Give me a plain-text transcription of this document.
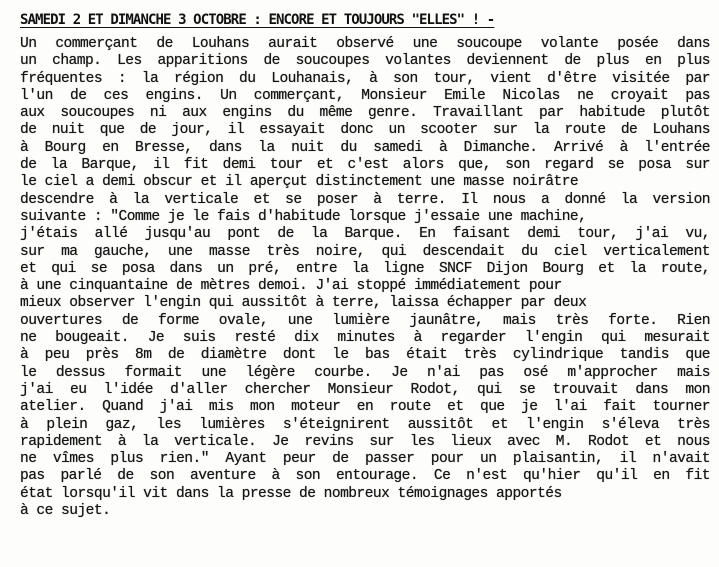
SAMEDI 2 ET DIMANCHE 3 OCTOBRE : ENCORE ET TOUJOURS "ELLES" ! -
Un commerçant de Louhans aurait observé une soucoupe volante posée dans
un champ. Les apparitions de soucoupes volantes deviennent de plus en plus
fréquentes : la région du Louhanais, à son tour, vient d'être visitée par
l'un de ces engins. Un commerçant, Monsieur Emile Nicolas ne croyait pas
aux soucoupes ni aux engins du même genre. Travaillant par habitude plutôt
de nuit que de jour, il essayait donc un scooter sur la route de Louhans
à Bourg en Bresse, dans la nuit du samedi à Dimanche. Arrivé à l'entrée
de la Barque, il fit demi tour et c'est alors que, son regard se posa sur
le ciel a demi obscur et il aperçut distinctement une masse noirâtre
descendre à la verticale et se poser à terre. Il nous a donné la version
suivante : "Comme je le fais d'habitude lorsque j'essaie une machine,
j'étais allé jusqu'au pont de la Barque. En faisant demi tour, j'ai vu,
sur ma gauche, une masse très noire, qui descendait du ciel verticalement
et qui se posa dans un pré, entre la ligne SNCF Dijon Bourg et la route,
à une cinquantaine de mètres demoi. J'ai stoppé immédiatement pour
mieux observer l'engin qui aussitôt à terre, laissa échapper par deux
ouvertures de forme ovale, une lumière jaunâtre, mais très forte. Rien
ne bougeait. Je suis resté dix minutes à regarder l'engin qui mesurait
à peu près 8m de diamètre dont le bas était très cylindrique tandis que
le dessus formait une légère courbe. Je n'ai pas osé m'approcher mais
j'ai eu l'idée d'aller chercher Monsieur Rodot, qui se trouvait dans mon
atelier. Quand j'ai mis mon moteur en route et que je l'ai fait tourner
à plein gaz, les lumières s'éteignirent aussitôt et l'engin s'éleva très
rapidement à la verticale. Je revins sur les lieux avec M. Rodot et nous
ne vîmes plus rien." Ayant peur de passer pour un plaisantin, il n'avait
pas parlé de son aventure à son entourage. Ce n'est qu'hier qu'il en fit
état lorsqu'il vit dans la presse de nombreux témoignages apportés
à ce sujet.
